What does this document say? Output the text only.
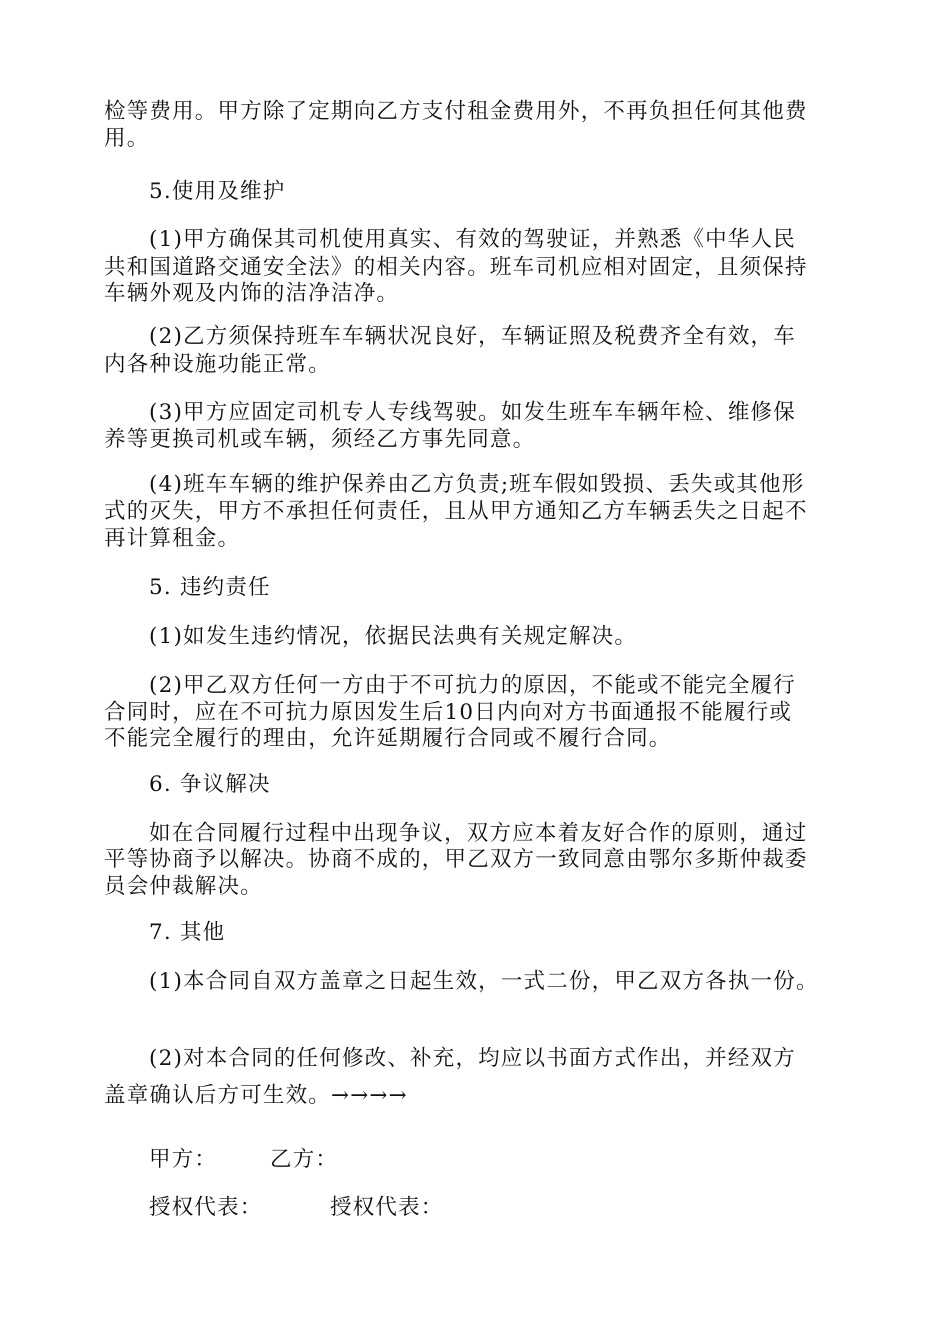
检等费用。甲方除了定期向乙方支付租金费用外，不再负担任何其他费
用。
5.使用及维护
(1)甲方确保其司机使用真实、有效的驾驶证，并熟悉《中华人民
共和国道路交通安全法》的相关内容。班车司机应相对固定，且须保持
车辆外观及内饰的洁净洁净。
(2)乙方须保持班车车辆状况良好，车辆证照及税费齐全有效，车
内各种设施功能正常。
(3)甲方应固定司机专人专线驾驶。如发生班车车辆年检、维修保
养等更换司机或车辆，须经乙方事先同意。
(4)班车车辆的维护保养由乙方负责;班车假如毁损、丢失或其他形
式的灭失，甲方不承担任何责任，且从甲方通知乙方车辆丢失之日起不
再计算租金。
5. 违约责任
(1)如发生违约情况，依据民法典有关规定解决。
(2)甲乙双方任何一方由于不可抗力的原因，不能或不能完全履行
合同时，应在不可抗力原因发生后10日内向对方书面通报不能履行或
不能完全履行的理由，允许延期履行合同或不履行合同。
6. 争议解决
如在合同履行过程中出现争议，双方应本着友好合作的原则，通过
平等协商予以解决。协商不成的，甲乙双方一致同意由鄂尔多斯仲裁委
员会仲裁解决。
7. 其他
(1)本合同自双方盖章之日起生效，一式二份，甲乙双方各执一份。
(2)对本合同的任何修改、补充，均应以书面方式作出，并经双方
盖章确认后方可生效。→→→→
甲方： 乙方：
授权代表：	授权代表：
